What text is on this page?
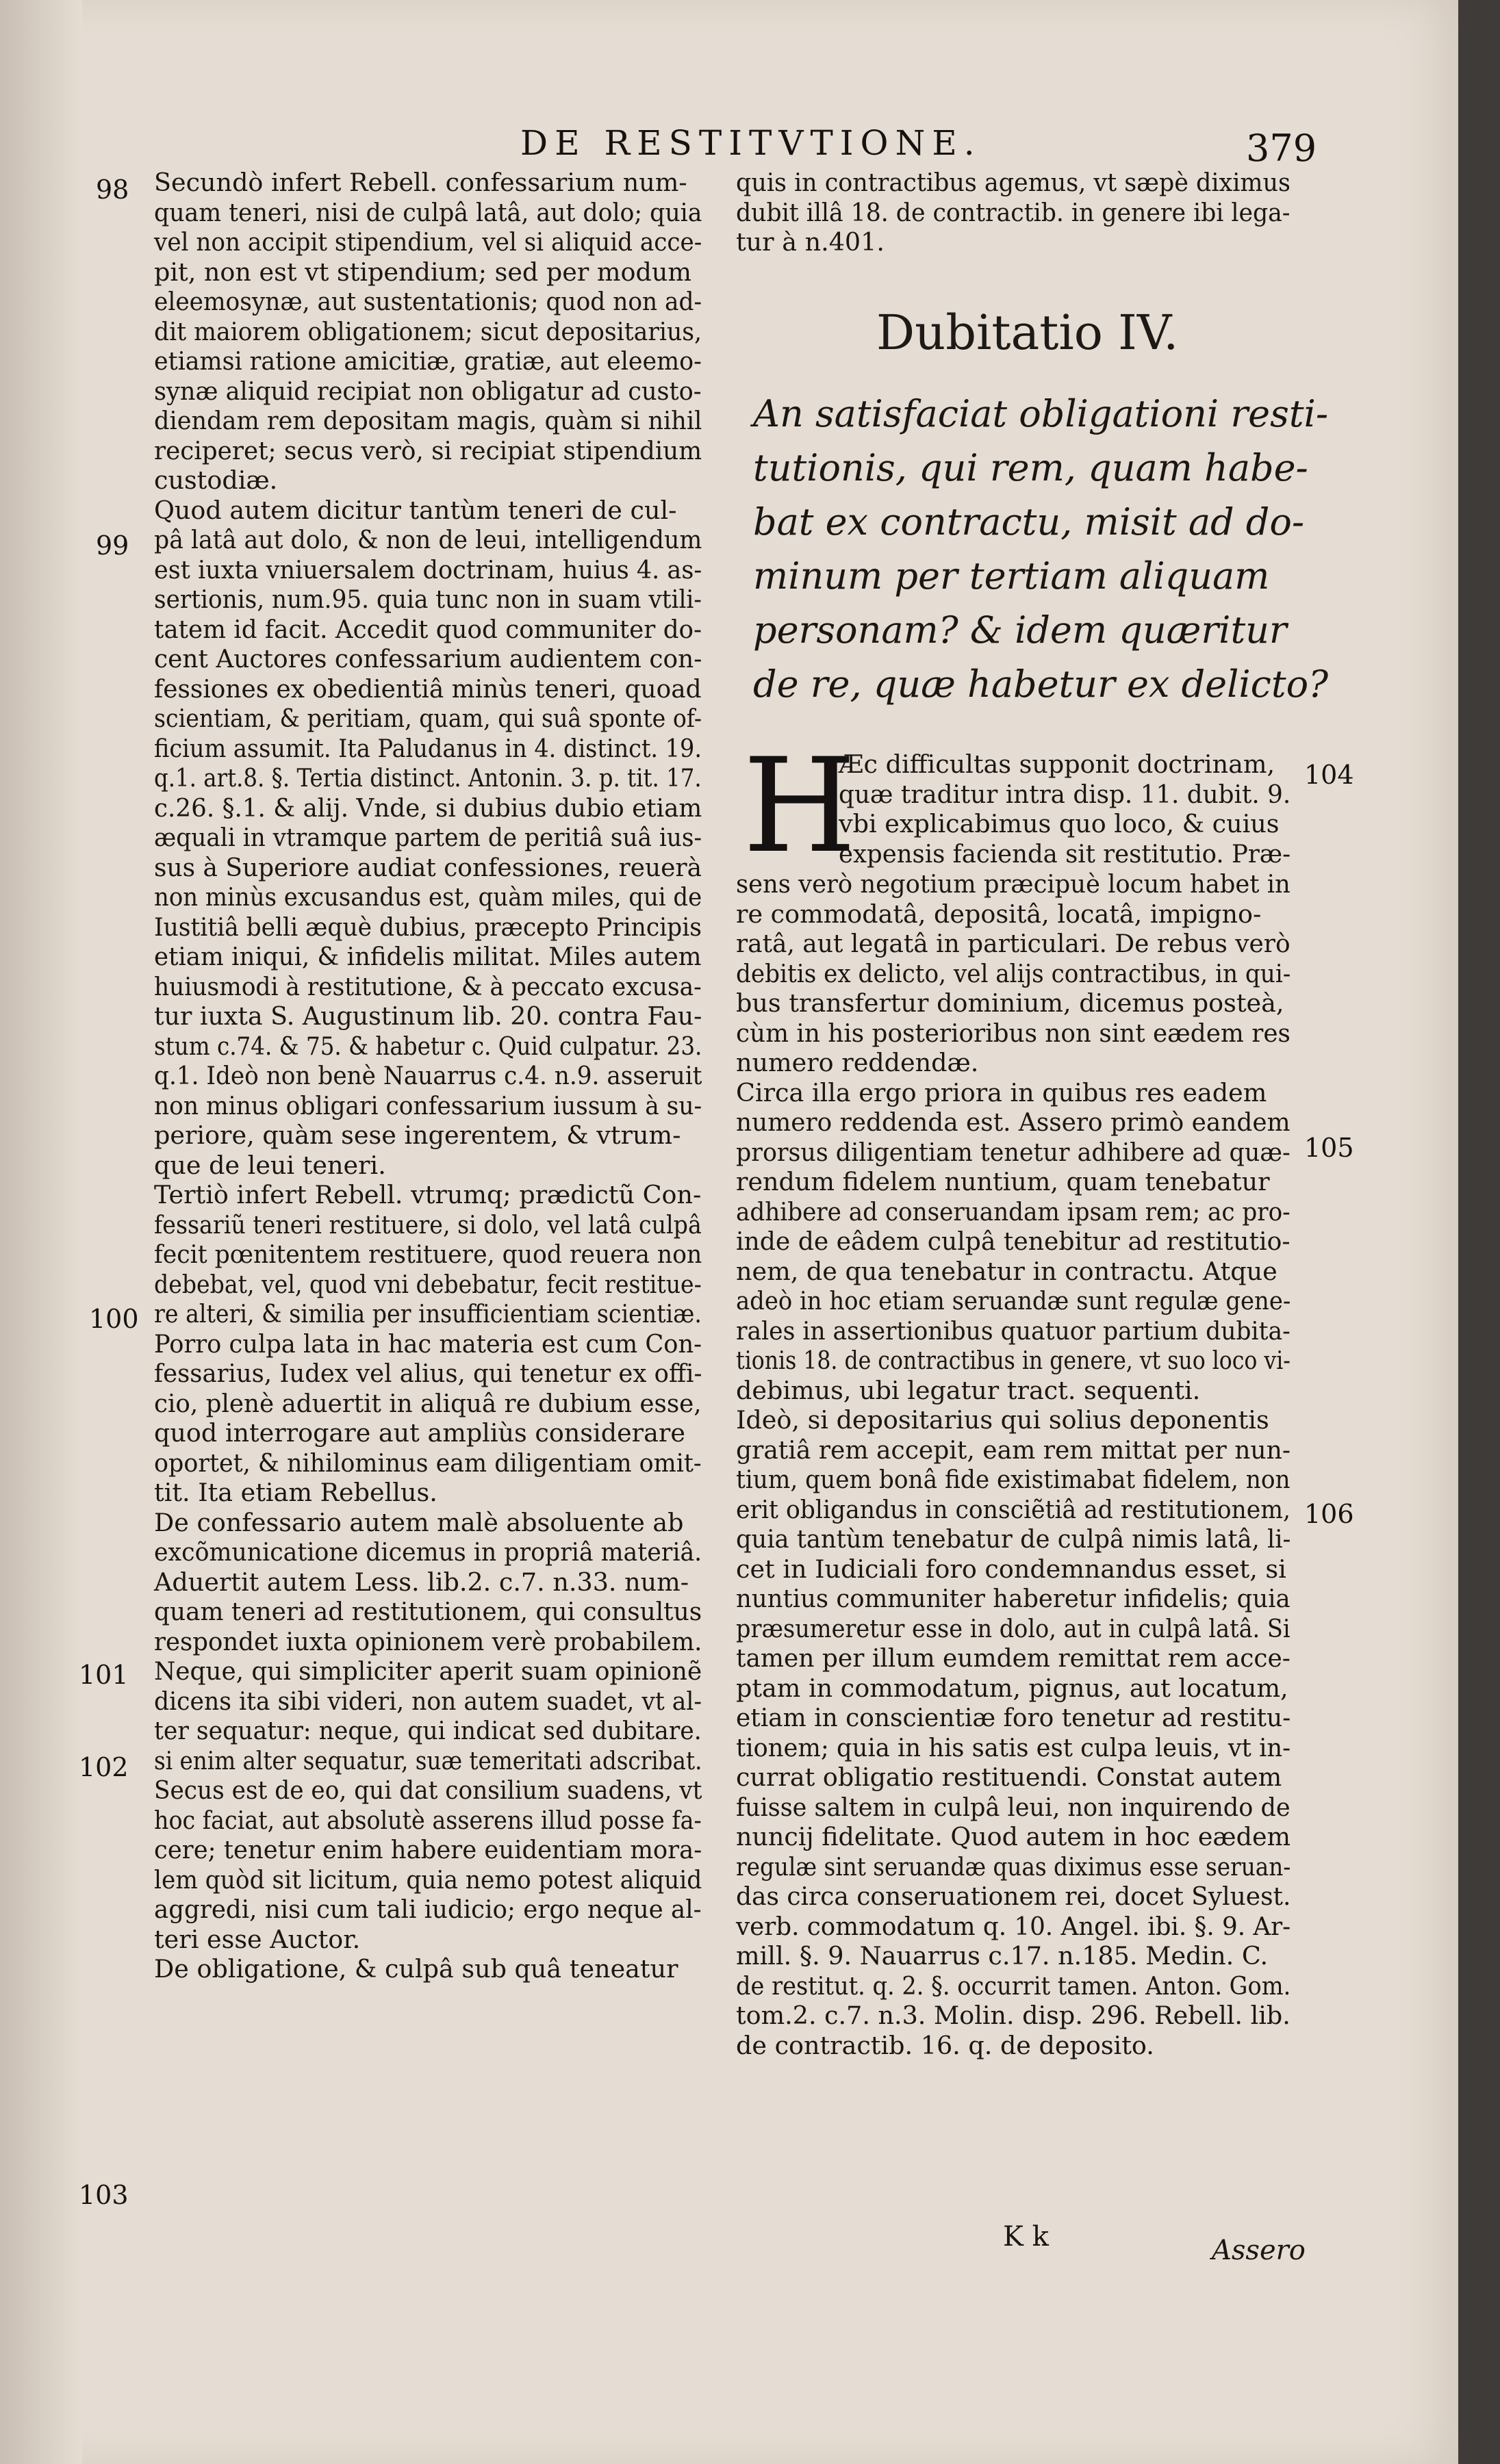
DE RESTITVTIONE.	379
Secundò infert Rebell. confessarium num-
quam teneri, nisi de culpâ latâ, aut dolo; quia
vel non accipit stipendium, vel si aliquid acce-
pit, non est vt stipendium; sed per modum
eleemosynæ, aut sustentationis; quod non ad-
dit maiorem obligationem; sicut depositarius,
etiamsi ratione amicitiæ, gratiæ, aut eleemo-
synæ aliquid recipiat non obligatur ad custo-
diendam rem depositam magis, quàm si nihil
reciperet; secus verò, si recipiat stipendium
custodiæ.
Quod autem dicitur tantùm teneri de cul-
pâ latâ aut dolo, & non de leui, intelligendum
est iuxta vniuersalem doctrinam, huius 4. as-
sertionis, num.95. quia tunc non in suam vtili-
tatem id facit. Accedit quod communiter do-
cent Auctores confessarium audientem con-
fessiones ex obedientiâ minùs teneri, quoad
scientiam, & peritiam, quam, qui suâ sponte of-
ficium assumit. Ita Paludanus in 4. distinct. 19.
q.1. art.8. §. Tertia distinct. Antonin. 3. p. tit. 17.
c.26. §.1. & alij. Vnde, si dubius dubio etiam
æquali in vtramque partem de peritiâ suâ ius-
sus à Superiore audiat confessiones, reuerà
non minùs excusandus est, quàm miles, qui de
Iustitiâ belli æquè dubius, præcepto Principis
etiam iniqui, & infidelis militat. Miles autem
huiusmodi à restitutione, & à peccato excusa-
tur iuxta S. Augustinum lib. 20. contra Fau-
stum c.74. & 75. & habetur c. Quid culpatur. 23.
q.1. Ideò non benè Nauarrus c.4. n.9. asseruit
non minus obligari confessarium iussum à su-
periore, quàm sese ingerentem, & vtrum-
que de leui teneri.
Tertiò infert Rebell. vtrumq; prædictũ Con-
fessariũ teneri restituere, si dolo, vel latâ culpâ
fecit pœnitentem restituere, quod reuera non
debebat, vel, quod vni debebatur, fecit restitue-
re alteri, & similia per insufficientiam scientiæ.
Porro culpa lata in hac materia est cum Con-
fessarius, Iudex vel alius, qui tenetur ex offi-
cio, plenè aduertit in aliquâ re dubium esse,
quod interrogare aut ampliùs considerare
oportet, & nihilominus eam diligentiam omit-
tit. Ita etiam Rebellus.
De confessario autem malè absoluente ab
excõmunicatione dicemus in propriâ materiâ.
Aduertit autem Less. lib.2. c.7. n.33. num-
quam teneri ad restitutionem, qui consultus
respondet iuxta opinionem verè probabilem.
Neque, qui simpliciter aperit suam opinionẽ
dicens ita sibi videri, non autem suadet, vt al-
ter sequatur: neque, qui indicat sed dubitare.
si enim alter sequatur, suæ temeritati adscribat.
Secus est de eo, qui dat consilium suadens, vt
hoc faciat, aut absolutè asserens illud posse fa-
cere; tenetur enim habere euidentiam mora-
lem quòd sit licitum, quia nemo potest aliquid
aggredi, nisi cum tali iudicio; ergo neque al-
teri esse Auctor.
De obligatione, & culpâ sub quâ teneatur
98
99
100
101
102
103
quis in contractibus agemus, vt sæpè diximus
dubit illâ 18. de contractib. in genere ibi lega-
tur à n.401.
Dubitatio IV.
An satisfaciat obligationi resti-
tutionis, qui rem, quam habe-
bat ex contractu, misit ad do-
minum per tertiam aliquam
personam? & idem quæritur
de re, quæ habetur ex delicto?
H
Æc difficultas supponit doctrinam,
quæ traditur intra disp. 11. dubit. 9.
vbi explicabimus quo loco, & cuius
expensis facienda sit restitutio. Præ-
sens verò negotium præcipuè locum habet in
re commodatâ, depositâ, locatâ, impigno-
ratâ, aut legatâ in particulari. De rebus verò
debitis ex delicto, vel alijs contractibus, in qui-
bus transfertur dominium, dicemus posteà,
cùm in his posterioribus non sint eædem res
numero reddendæ.
Circa illa ergo priora in quibus res eadem
numero reddenda est. Assero primò eandem
prorsus diligentiam tenetur adhibere ad quæ-
rendum fidelem nuntium, quam tenebatur
adhibere ad conseruandam ipsam rem; ac pro-
inde de eâdem culpâ tenebitur ad restitutio-
nem, de qua tenebatur in contractu. Atque
adeò in hoc etiam seruandæ sunt regulæ gene-
rales in assertionibus quatuor partium dubita-
tionis 18. de contractibus in genere, vt suo loco vi-
debimus, ubi legatur tract. sequenti.
Ideò, si depositarius qui solius deponentis
gratiâ rem accepit, eam rem mittat per nun-
tium, quem bonâ fide existimabat fidelem, non
erit obligandus in consciẽtiâ ad restitutionem,
quia tantùm tenebatur de culpâ nimis latâ, li-
cet in Iudiciali foro condemnandus esset, si
nuntius communiter haberetur infidelis; quia
præsumeretur esse in dolo, aut in culpâ latâ. Si
tamen per illum eumdem remittat rem acce-
ptam in commodatum, pignus, aut locatum,
etiam in conscientiæ foro tenetur ad restitu-
tionem; quia in his satis est culpa leuis, vt in-
currat obligatio restituendi. Constat autem
fuisse saltem in culpâ leui, non inquirendo de
nuncij fidelitate. Quod autem in hoc eædem
regulæ sint seruandæ quas diximus esse seruan-
das circa conseruationem rei, docet Syluest.
verb. commodatum q. 10. Angel. ibi. §. 9. Ar-
mill. §. 9. Nauarrus c.17. n.185. Medin. C.
de restitut. q. 2. §. occurrit tamen. Anton. Gom.
tom.2. c.7. n.3. Molin. disp. 296. Rebell. lib.
de contractib. 16. q. de deposito.
104
105
106
K k	Assero
